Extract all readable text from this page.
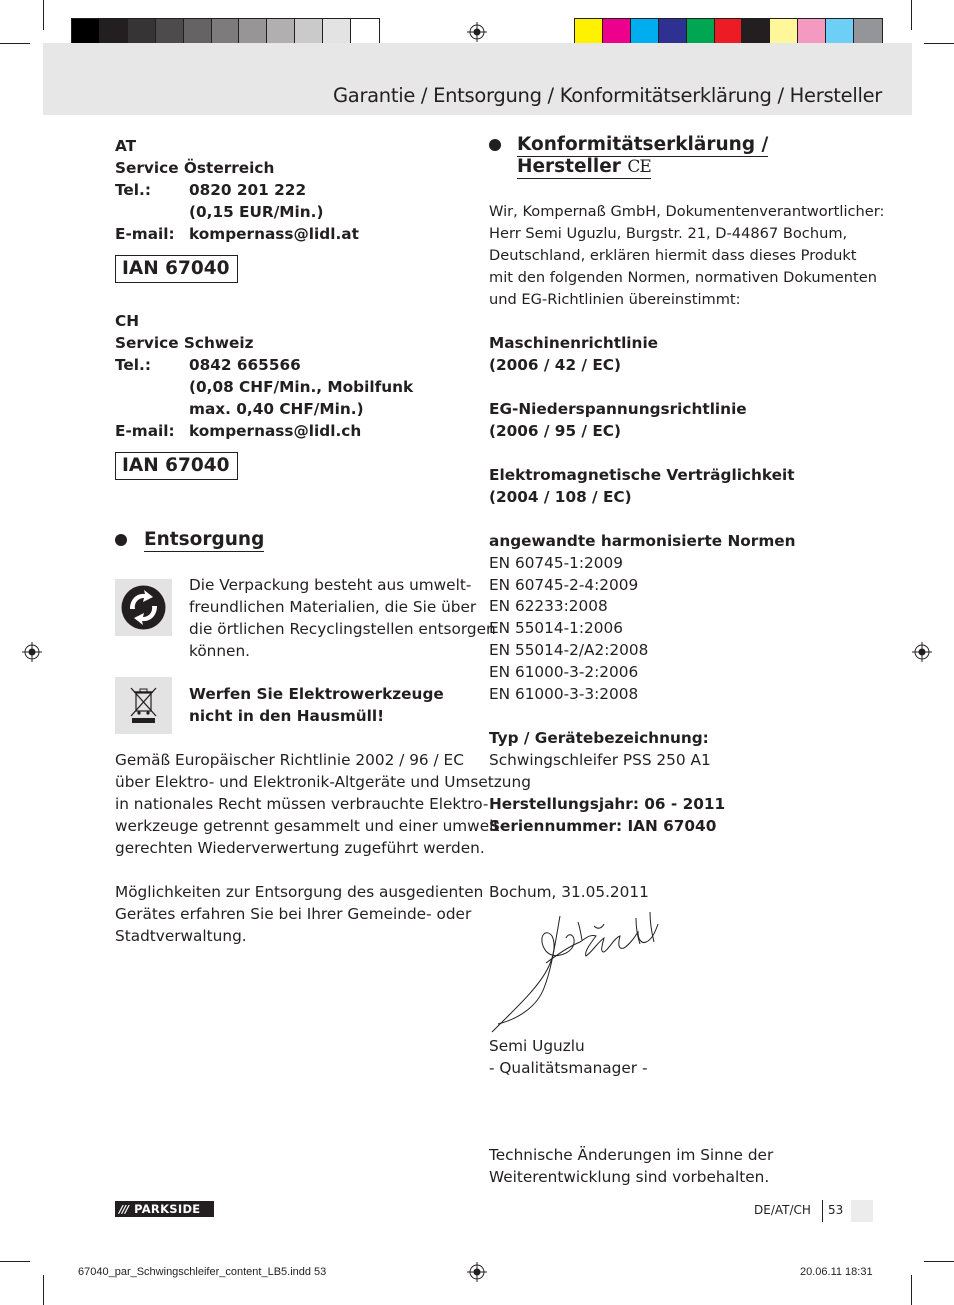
Garantie / Entsorgung / Konformitätserklärung / Hersteller
AT
Service Österreich
Tel.: 0820 201 222
(0,15 EUR/Min.)
E-mail: kompernass@lidl.at
IAN 67040
CH
Service Schweiz
Tel.: 0842 665566
(0,08 CHF/Min., Mobilfunk
max. 0,40 CHF/Min.)
E-mail: kompernass@lidl.ch
IAN 67040
Entsorgung
Die Verpackung besteht aus umwelt-
freundlichen Materialien, die Sie über
die örtlichen Recyclingstellen entsorgen
können.
Werfen Sie Elektrowerkzeuge
nicht in den Hausmüll!
Gemäß Europäischer Richtlinie 2002 / 96 / EC
über Elektro- und Elektronik-Altgeräte und Umsetzung
in nationales Recht müssen verbrauchte Elektro-
werkzeuge getrennt gesammelt und einer umwelt-
gerechten Wiederverwertung zugeführt werden.
Möglichkeiten zur Entsorgung des ausgedienten
Gerätes erfahren Sie bei Ihrer Gemeinde- oder
Stadtverwaltung.
Konformitätserklärung /
Hersteller CE
Wir, Kompernaß GmbH, Dokumentenverantwortlicher:
Herr Semi Uguzlu, Burgstr. 21, D-44867 Bochum,
Deutschland, erklären hiermit dass dieses Produkt
mit den folgenden Normen, normativen Dokumenten
und EG-Richtlinien übereinstimmt:
Maschinenrichtlinie
(2006 / 42 / EC)
EG-Niederspannungsrichtlinie
(2006 / 95 / EC)
Elektromagnetische Verträglichkeit
(2004 / 108 / EC)
angewandte harmonisierte Normen
EN 60745-1:2009
EN 60745-2-4:2009
EN 62233:2008
EN 55014-1:2006
EN 55014-2/A2:2008
EN 61000-3-2:2006
EN 61000-3-3:2008
Typ / Gerätebezeichnung:
Schwingschleifer PSS 250 A1
Herstellungsjahr: 06 - 2011
Seriennummer: IAN 67040
Bochum, 31.05.2011
Semi Uguzlu
- Qualitätsmanager -
Technische Änderungen im Sinne der
Weiterentwicklung sind vorbehalten.
/// PARKSIDE	DE/AT/CH 53
67040_par_Schwingschleifer_content_LB5.indd 53	20.06.11 18:31
